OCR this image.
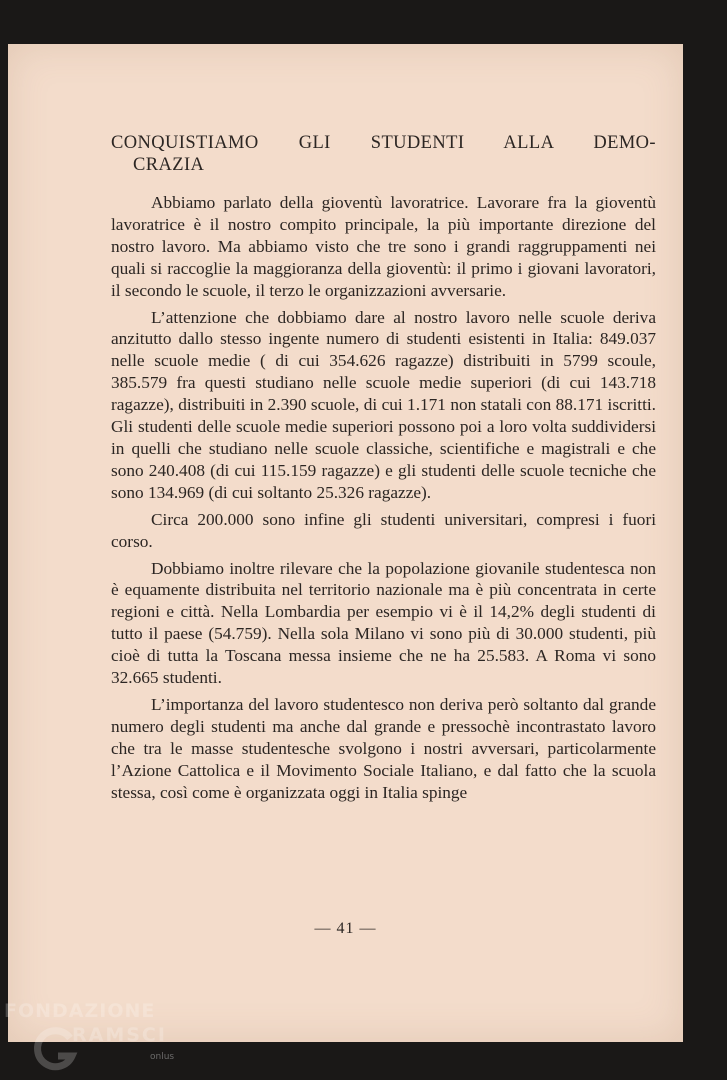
CONQUISTIAMO GLI STUDENTI ALLA DEMO-
CRAZIA

Abbiamo parlato della gioventù lavoratrice. Lavorare fra la gioventù lavoratrice è il nostro compito principale, la più importante direzione del nostro lavoro. Ma abbiamo visto che tre sono i grandi raggruppamenti nei quali si raccoglie la maggioranza della gioventù: il primo i giovani lavoratori, il secondo le scuole, il terzo le organizzazioni avversarie.

L’attenzione che dobbiamo dare al nostro lavoro nelle scuole deriva anzitutto dallo stesso ingente numero di studenti esistenti in Italia: 849.037 nelle scuole medie ( di cui 354.626 ragazze) distribuiti in 5799 scoule, 385.579 fra questi studiano nelle scuole medie superiori (di cui 143.718 ragazze), distribuiti in 2.390 scuole, di cui 1.171 non statali con 88.171 iscritti. Gli studenti delle scuole medie superiori possono poi a loro volta suddividersi in quelli che studiano nelle scuole classiche, scientifiche e magistrali e che sono 240.408 (di cui 115.159 ragazze) e gli studenti delle scuole tecniche che sono 134.969 (di cui soltanto 25.326 ragazze).

Circa 200.000 sono infine gli studenti universitari, compresi i fuori corso.

Dobbiamo inoltre rilevare che la popolazione giovanile studentesca non è equamente distribuita nel territorio nazionale ma è più concentrata in certe regioni e città. Nella Lombardia per esempio vi è il 14,2% degli studenti di tutto il paese (54.759). Nella sola Milano vi sono più di 30.000 studenti, più cioè di tutta la Toscana messa insieme che ne ha 25.583. A Roma vi sono 32.665 studenti.

L’importanza del lavoro studentesco non deriva però soltanto dal grande numero degli studenti ma anche dal grande e pressochè incontrastato lavoro che tra le masse studentesche svolgono i nostri avversari, particolarmente l’Azione Cattolica e il Movimento Sociale Italiano, e dal fatto che la scuola stessa, così come è organizzata oggi in Italia spinge

— 41 —
FONDAZIONE
RAMSCI
onlus
